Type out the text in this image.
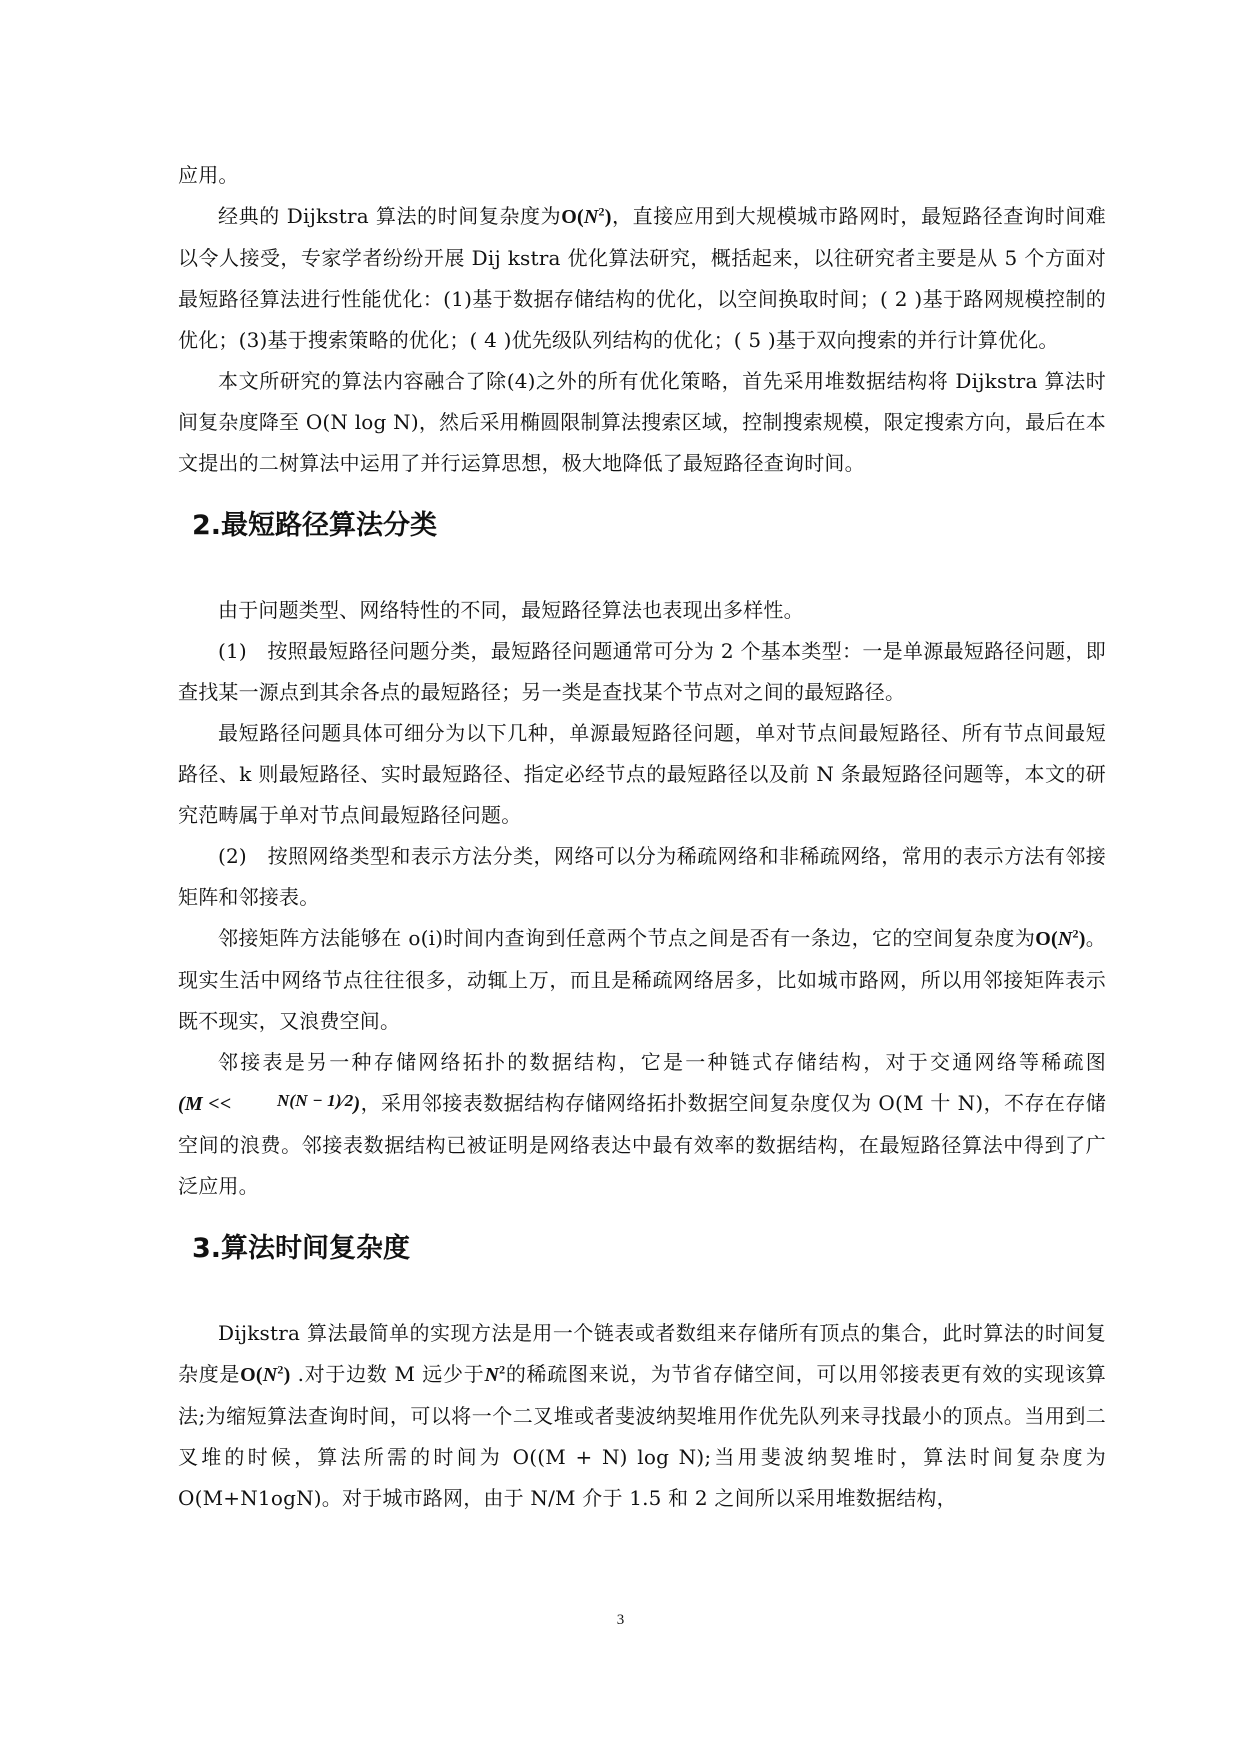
应用。

经典的 Dijkstra 算法的时间复杂度为$O(N^2)$，直接应用到大规模城市路网时，最短路径查询时间难以令人接受，专家学者纷纷开展 Dij kstra 优化算法研究，概括起来，以往研究者主要是从 5 个方面对最短路径算法进行性能优化：(1)基于数据存储结构的优化，以空间换取时间；( 2 )基于路网规模控制的优化；(3)基于搜索策略的优化；( 4 )优先级队列结构的优化；( 5 )基于双向搜索的并行计算优化。

本文所研究的算法内容融合了除(4)之外的所有优化策略，首先采用堆数据结构将 Dijkstra 算法时间复杂度降至 O(N log N)，然后采用椭圆限制算法搜索区域，控制搜索规模，限定搜索方向，最后在本文提出的二树算法中运用了并行运算思想，极大地降低了最短路径查询时间。

2.最短路径算法分类

由于问题类型、网络特性的不同，最短路径算法也表现出多样性。

(1)　按照最短路径问题分类，最短路径问题通常可分为 2 个基本类型：一是单源最短路径问题，即查找某一源点到其余各点的最短路径；另一类是查找某个节点对之间的最短路径。

最短路径问题具体可细分为以下几种，单源最短路径问题，单对节点间最短路径、所有节点间最短路径、k 则最短路径、实时最短路径、指定必经节点的最短路径以及前 N 条最短路径问题等，本文的研究范畴属于单对节点间最短路径问题。

(2)　按照网络类型和表示方法分类，网络可以分为稀疏网络和非稀疏网络，常用的表示方法有邻接矩阵和邻接表。

邻接矩阵方法能够在 o(i)时间内查询到任意两个节点之间是否有一条边，它的空间复杂度为$O(N^2)$。现实生活中网络节点往往很多，动辄上万，而且是稀疏网络居多，比如城市路网，所以用邻接矩阵表示既不现实，又浪费空间。

邻接表是另一种存储网络拓扑的数据结构，它是一种链式存储结构，对于交通网络等稀疏图(M << N(N − 1)⁄2)，采用邻接表数据结构存储网络拓扑数据空间复杂度仅为 O(M 十 N)，不存在存储空间的浪费。邻接表数据结构已被证明是网络表达中最有效率的数据结构，在最短路径算法中得到了广泛应用。

3.算法时间复杂度

Dijkstra 算法最简单的实现方法是用一个链表或者数组来存储所有顶点的集合，此时算法的时间复杂度是$O(N^2)$ .对于边数 M 远少于$N^2$的稀疏图来说，为节省存储空间，可以用邻接表更有效的实现该算法;为缩短算法查询时间，可以将一个二叉堆或者斐波纳契堆用作优先队列来寻找最小的顶点。当用到二叉堆的时候，算法所需的时间为 O((M + N) log N);当用斐波纳契堆时，算法时间复杂度为 O(M+N1ogN)。对于城市路网，由于 N/M 介于 1.5 和 2 之间所以采用堆数据结构，

3
